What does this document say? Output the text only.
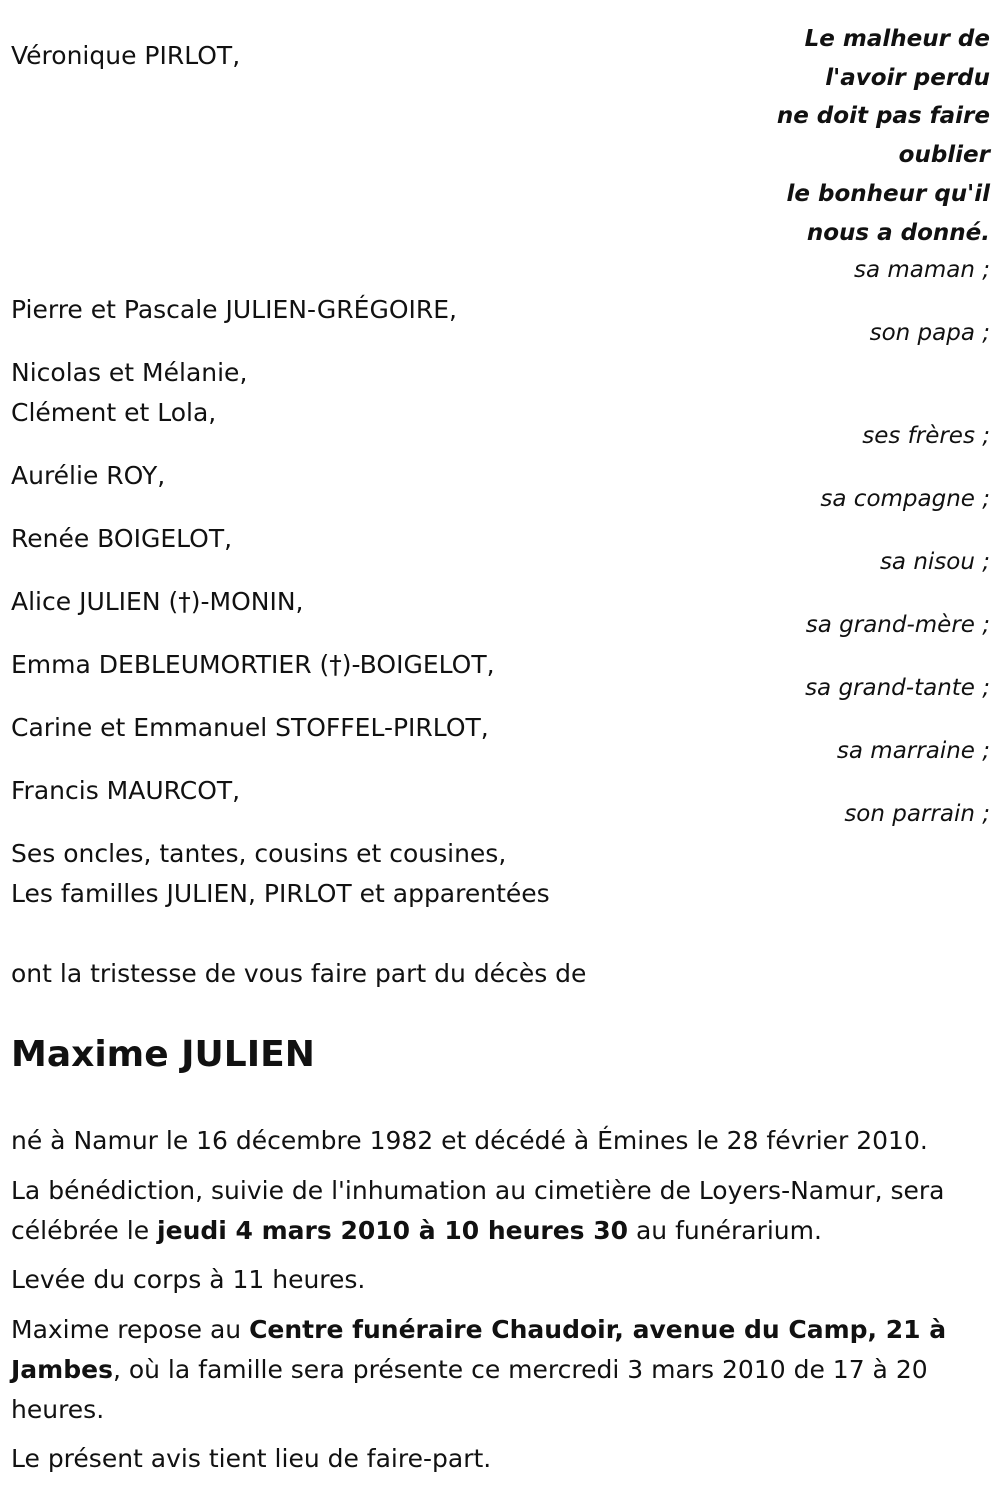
Le malheur de
l'avoir perdu
ne doit pas faire
oublier
le bonheur qu'il
nous a donné.

Véronique PIRLOT,

sa maman ;

Pierre et Pascale JULIEN-GRÉGOIRE,

son papa ;

Nicolas et Mélanie,

Clément et Lola,

ses frères ;

Aurélie ROY,

sa compagne ;

Renée BOIGELOT,

sa nisou ;

Alice JULIEN (†)-MONIN,

sa grand-mère ;

Emma DEBLEUMORTIER (†)-BOIGELOT,

sa grand-tante ;

Carine et Emmanuel STOFFEL-PIRLOT,

sa marraine ;

Francis MAURCOT,

son parrain ;

Ses oncles, tantes, cousins et cousines,

Les familles JULIEN, PIRLOT et apparentées

ont la tristesse de vous faire part du décès de

Maxime JULIEN

né à Namur le 16 décembre 1982 et décédé à Émines le 28 février 2010.

La bénédiction, suivie de l'inhumation au cimetière de Loyers-Namur, sera célébrée le jeudi 4 mars 2010 à 10 heures 30 au funérarium.

Levée du corps à 11 heures.

Maxime repose au Centre funéraire Chaudoir, avenue du Camp, 21 à Jambes, où la famille sera présente ce mercredi 3 mars 2010 de 17 à 20 heures.

Le présent avis tient lieu de faire-part.
